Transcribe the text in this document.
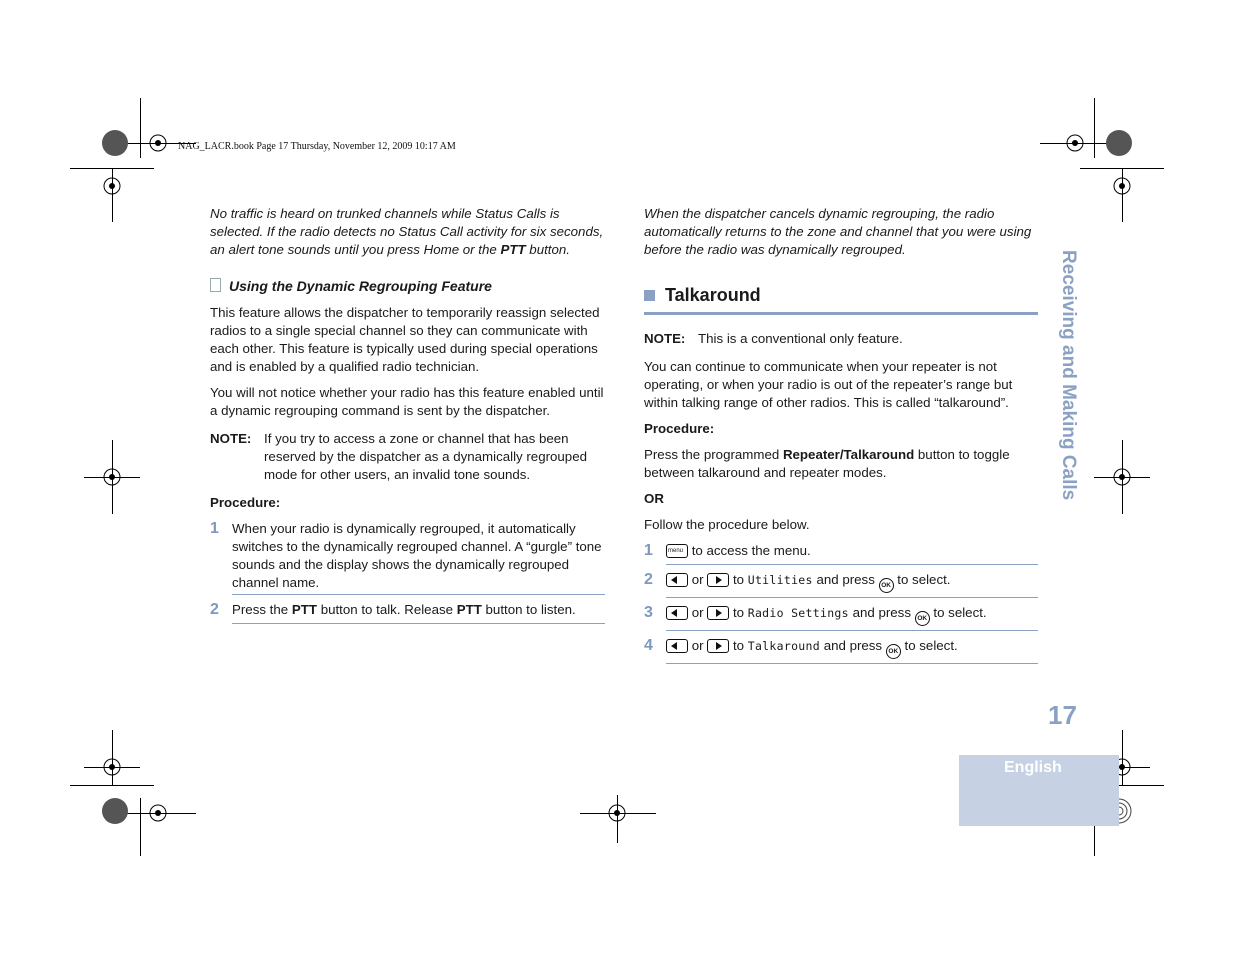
NAG_LACR.book Page 17 Thursday, November 12, 2009 10:17 AM

No traffic is heard on trunked channels while Status Calls is selected. If the radio detects no Status Call activity for six seconds, an alert tone sounds until you press Home or the PTT button.

Using the Dynamic Regrouping Feature

This feature allows the dispatcher to temporarily reassign selected radios to a single special channel so they can communicate with each other. This feature is typically used during special operations and is enabled by a qualified radio technician.

You will not notice whether your radio has this feature enabled until a dynamic regrouping command is sent by the dispatcher.

NOTE: If you try to access a zone or channel that has been reserved by the dispatcher as a dynamically regrouped mode for other users, an invalid tone sounds.

Procedure:

1 When your radio is dynamically regrouped, it automatically switches to the dynamically regrouped channel. A “gurgle” tone sounds and the display shows the dynamically regrouped channel name.
2 Press the PTT button to talk. Release PTT button to listen.

When the dispatcher cancels dynamic regrouping, the radio automatically returns to the zone and channel that you were using before the radio was dynamically regrouped.

Talkaround
NOTE: This is a conventional only feature.

You can continue to communicate when your repeater is not operating, or when your radio is out of the repeater’s range but within talking range of other radios. This is called “talkaround”.

Procedure:

Press the programmed Repeater/Talkaround button to toggle between talkaround and repeater modes.

OR

Follow the procedure below.

1	menu to access the menu.
2	or to Utilities and press OK to select.
3	or to Radio Settings and press OK to select.
4	or to Talkaround and press OK to select.
Receiving and Making Calls
17
English
